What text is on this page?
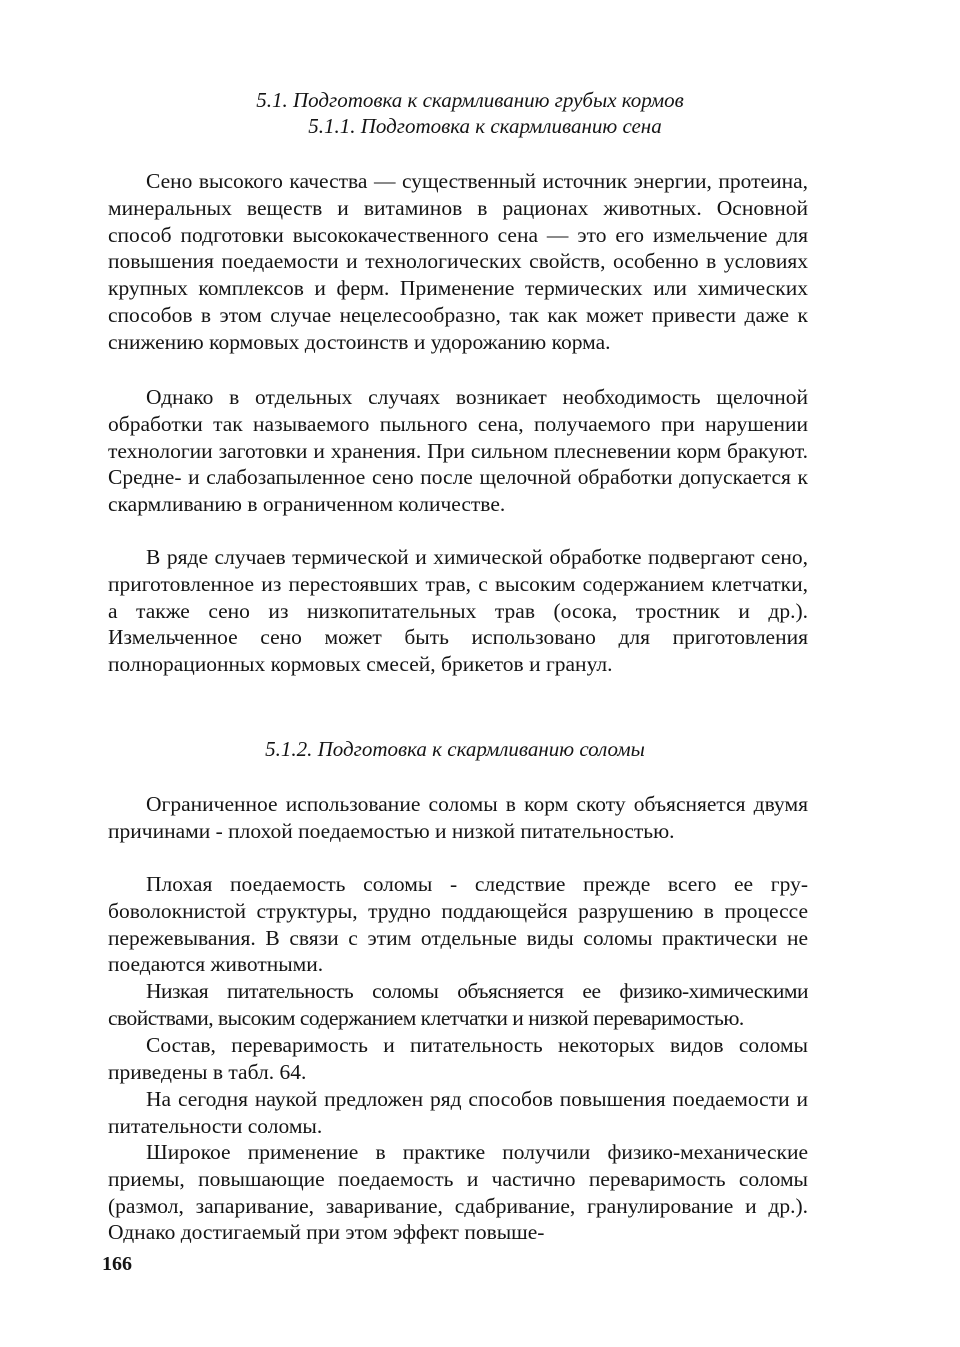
5.1. Подготовка к скармливанию грубых кормов
5.1.1. Подготовка к скармливанию сена

Сено высокого качества — существенный источник энергии, протеина, минеральных веществ и витаминов в рационах животных. Основной способ подготовки высококачественного сена — это его измельчение для повышения поедаемости и технологических свойств, особенно в условиях крупных комплексов и ферм. Применение термических или химических способов в этом случае нецелесообразно, так как может привести даже к снижению кормовых достоинств и удорожанию корма.

Однако в отдельных случаях возникает необходимость щелочной обработки так называемого пыльного сена, получаемого при нарушении технологии заготовки и хранения. При сильном плесневении корм бракуют. Средне- и слабозапыленное сено после щелочной обработки допускается к скармливанию в ограниченном количестве.

В ряде случаев термической и химической обработке подвергают сено, приготовленное из перестоявших трав, с высоким содержанием клетчатки, а также сено из низкопитательных трав (осока, тростник и др.). Измельченное сено может быть использовано для приготовления полнорационных кормовых смесей, брикетов и гранул.

5.1.2. Подготовка к скармливанию соломы

Ограниченное использование соломы в корм скоту объясняется двумя причинами - плохой поедаемостью и низкой питательностью.

Плохая поедаемость соломы - следствие прежде всего ее грубоволокнистой структуры, трудно поддающейся разрушению в процессе пережевывания. В связи с этим отдельные виды соломы практически не поедаются животными.

Низкая питательность соломы объясняется ее физико-химическими свойствами, высоким содержанием клетчатки и низкой переваримостью.

Состав, переваримость и питательность некоторых видов соломы приведены в табл. 64.

На сегодня наукой предложен ряд способов повышения поедаемости и питательности соломы.

Широкое применение в практике получили физико-механические приемы, повышающие поедаемость и частично переваримость соломы (размол, запаривание, заваривание, сдабривание, гранулирование и др.). Однако достигаемый при этом эффект повыше-

166
